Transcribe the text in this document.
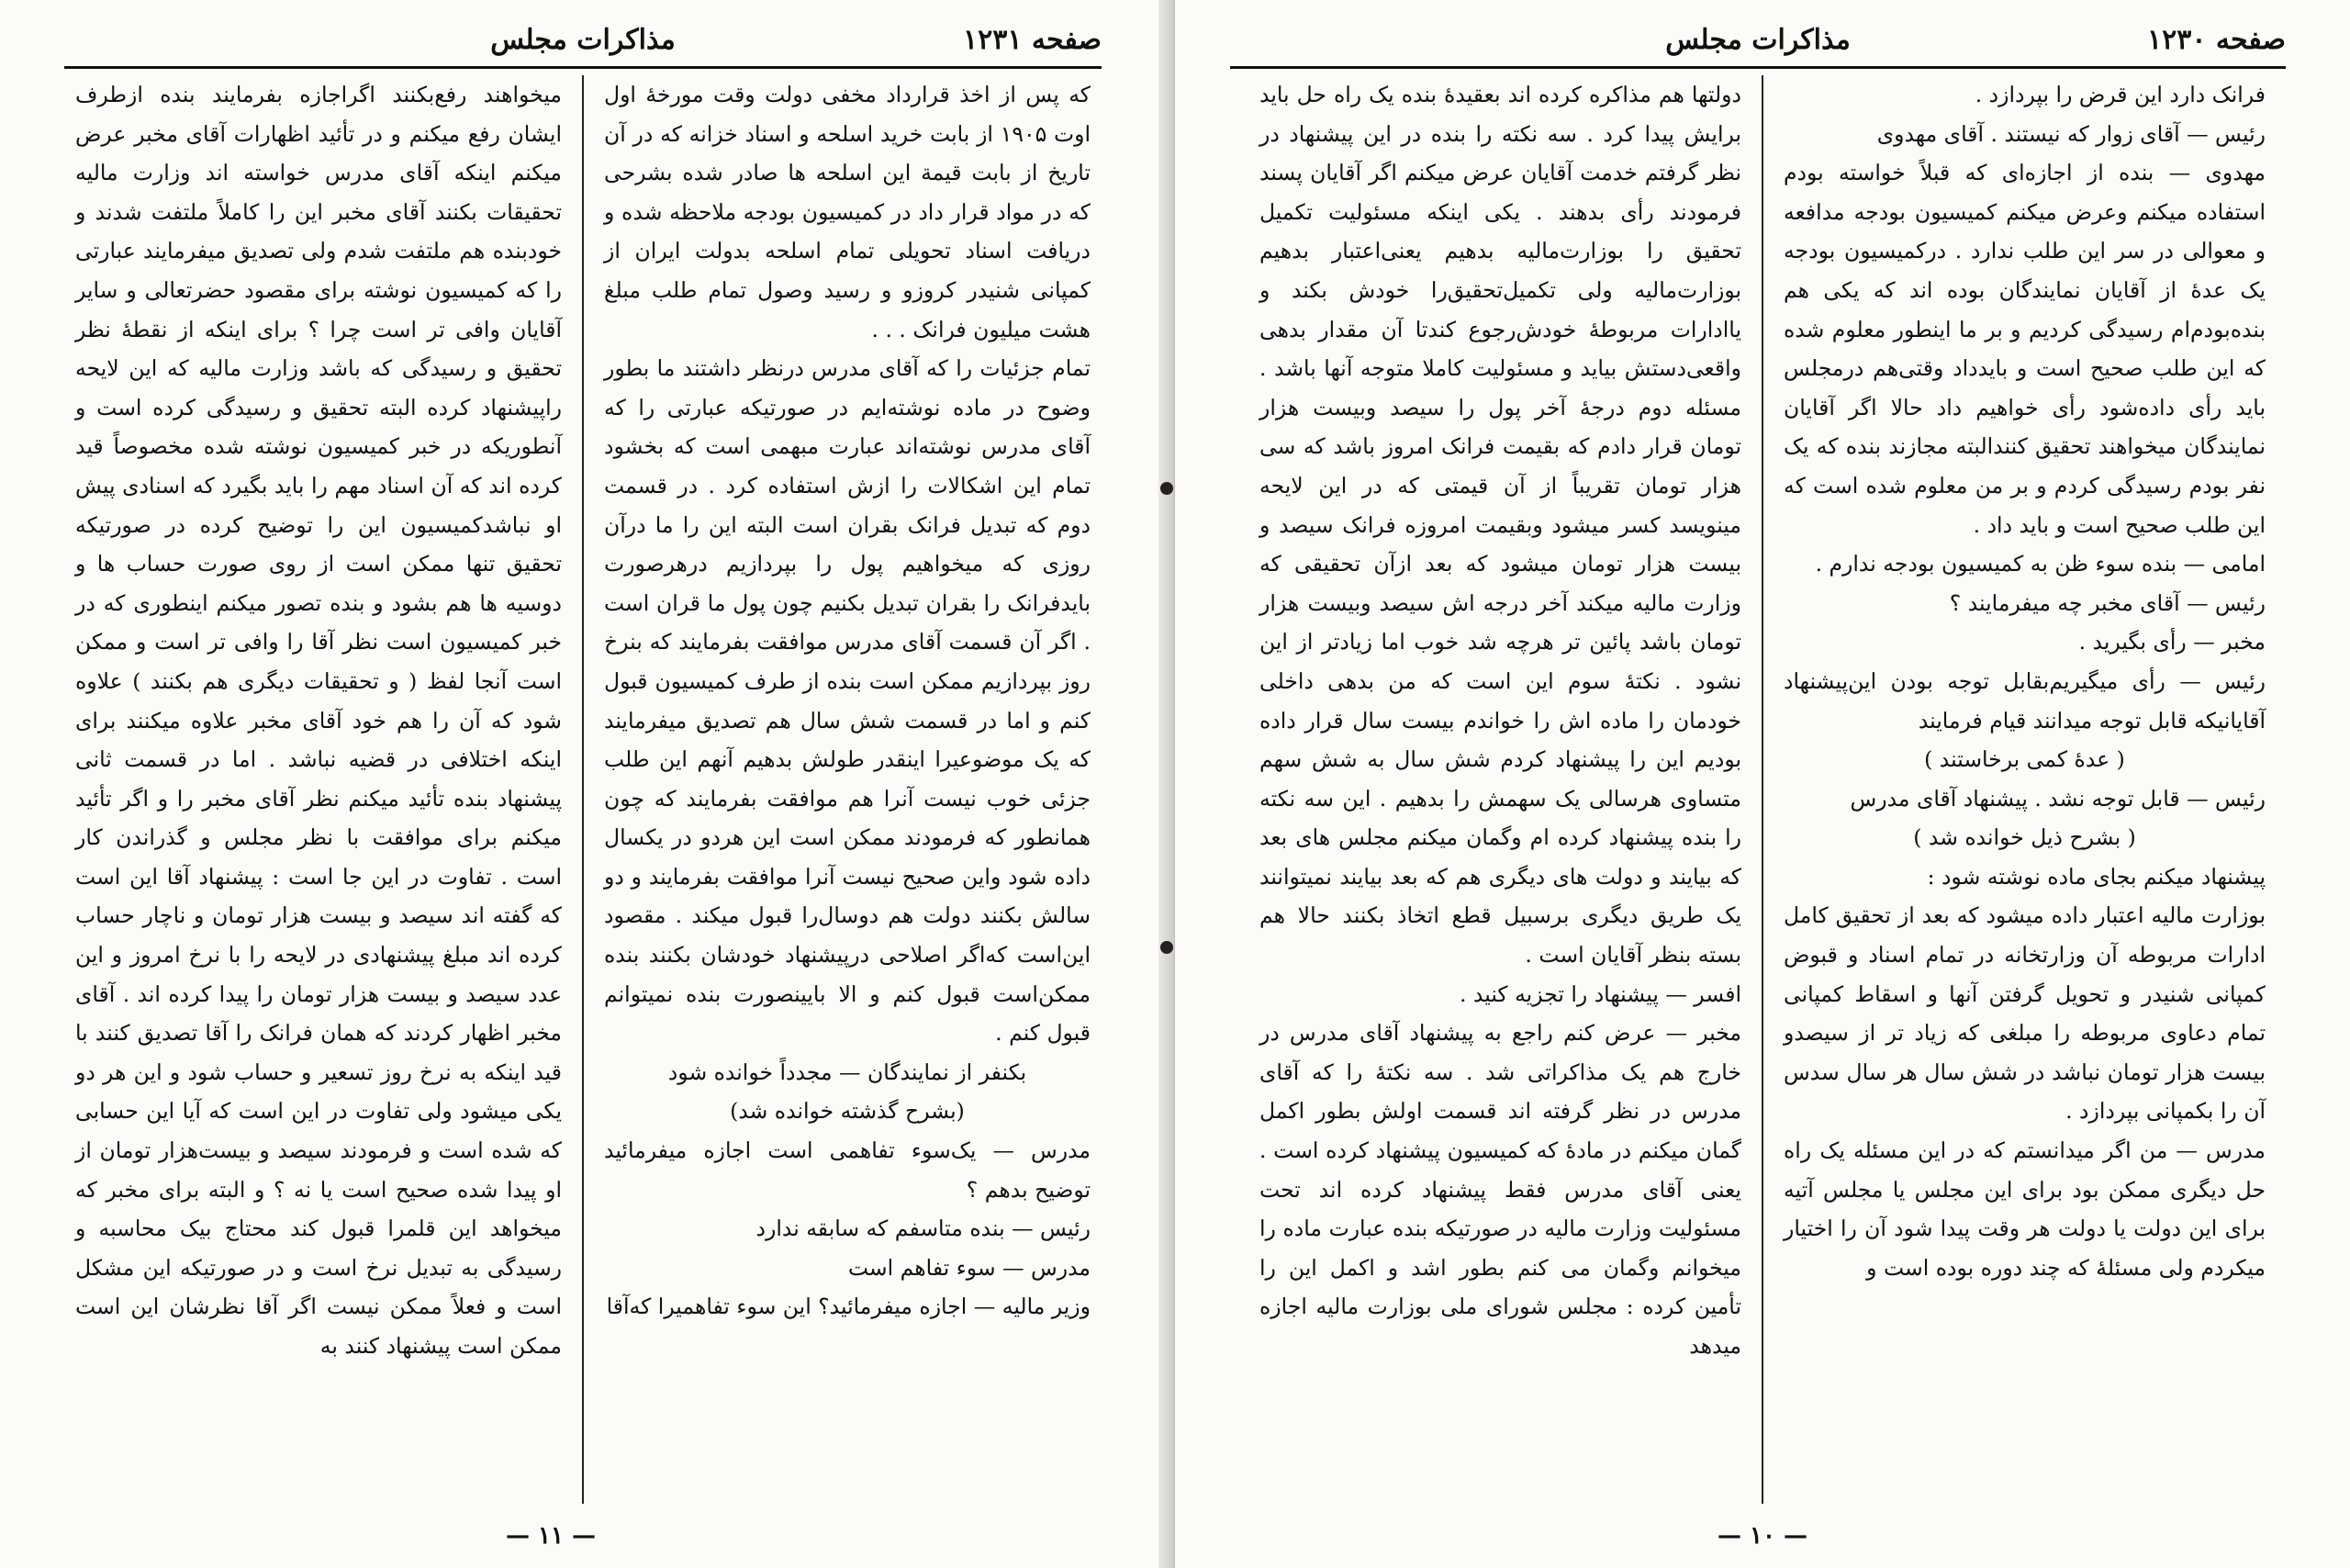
صفحه ۱۲۳۱
مذاکرات مجلس

که پس از اخذ قرارداد مخفی دولت وقت مورخهٔ اول اوت ۱۹۰۵ از بابت خرید اسلحه و اسناد خزانه که در آن تاریخ از بابت قیمة این اسلحه ها صادر شده بشرحی که در مواد قرار داد در کمیسیون بودجه ملاحظه شده و دریافت اسناد تحویلی تمام اسلحه بدولت ایران از کمپانی شنیدر کروزو و رسید وصول تمام طلب مبلغ هشت میلیون فرانک . . .

تمام جزئیات را که آقای مدرس درنظر داشتند ما بطور وضوح در ماده نوشته‌ایم در صورتیکه عبارتی را که آقای مدرس نوشته‌اند عبارت مبهمی است که بخشود تمام این اشکالات را ازش استفاده کرد . در قسمت دوم که تبدیل فرانک بقران است البته این را ما درآن روزی که میخواهیم پول را بپردازیم درهرصورت بایدفرانک را بقران تبدیل بکنیم چون پول ما قران است . اگر آن قسمت آقای مدرس موافقت بفرمایند که بنرخ روز بپردازیم ممکن است بنده از طرف کمیسیون قبول کنم و اما در قسمت شش سال هم تصدیق میفرمایند که یک موضوعیرا اینقدر طولش بدهیم آنهم این طلب جزئی خوب نیست آنرا هم موافقت بفرمایند که چون همانطور که فرمودند ممکن است این هردو در یکسال داده شود واین صحیح نیست آنرا موافقت بفرمایند و دو سالش بکنند دولت هم دوسال‌را قبول میکند . مقصود این‌است که‌اگر اصلاحی درپیشنهاد خودشان بکنند بنده ممکن‌است قبول کنم و الا بایینصورت بنده نمیتوانم قبول کنم .

بکنفر از نمایندگان — مجدداً خوانده شود

(بشرح گذشته خوانده شد)

مدرس — یک‌سوء تفاهمی است اجازه میفرمائید توضیح بدهم ؟

رئیس — بنده متاسفم که سابقه ندارد

مدرس — سوء تفاهم است

وزیر مالیه — اجازه میفرمائید؟ این سوء تفاهمیرا که‌آقا

میخواهند رفع‌بکنند اگراجازه بفرمایند بنده ازطرف ایشان رفع میکنم و در تأئید اظهارات آقای مخبر عرض میکنم اینکه آقای مدرس خواسته اند وزارت مالیه تحقیقات بکنند آقای مخبر این را کاملاً ملتفت شدند و خودبنده هم ملتفت شدم ولی تصدیق میفرمایند عبارتی را که کمیسیون نوشته برای مقصود حضرتعالی و سایر آقایان وافی تر است چرا ؟ برای اینکه از نقطهٔ نظر تحقیق و رسیدگی که باشد وزارت مالیه که این لایحه راپیشنهاد کرده البته تحقیق و رسیدگی کرده است و آنطوریکه در خبر کمیسیون نوشته شده مخصوصاً قید کرده اند که آن اسناد مهم را باید بگیرد که اسنادی پیش او نباشدکمیسیون این را توضیح کرده در صورتیکه تحقیق تنها ممکن است از روی صورت حساب ها و دوسیه ها هم بشود و بنده تصور میکنم اینطوری که در خبر کمیسیون است نظر آقا را وافی تر است و ممکن است آنجا لفظ ( و تحقیقات دیگری هم بکنند ) علاوه شود که آن را هم خود آقای مخبر علاوه میکنند برای اینکه اختلافی در قضیه نباشد . اما در قسمت ثانی پیشنهاد بنده تأئید میکنم نظر آقای مخبر را و اگر تأئید میکنم برای موافقت با نظر مجلس و گذراندن کار است . تفاوت در این جا است : پیشنهاد آقا این است که گفته اند سیصد و بیست هزار تومان و ناچار حساب کرده اند مبلغ پیشنهادی در لایحه را با نرخ امروز و این عدد سیصد و بیست هزار تومان را پیدا کرده اند . آقای مخبر اظهار کردند که همان فرانک را آقا تصدیق کنند با قید اینکه به نرخ روز تسعیر و حساب شود و این هر دو یکی میشود ولی تفاوت در این است که آیا این حسابی که شده است و فرمودند سیصد و بیست‌هزار تومان از او پیدا شده صحیح است یا نه ؟ و البته برای مخبر که میخواهد این قلمرا قبول کند محتاج بیک محاسبه و رسیدگی به تبدیل نرخ است و در صورتیکه این مشکل است و فعلاً ممکن نیست اگر آقا نظرشان این است ممکن است پیشنهاد کنند به

— ۱۱ —
صفحه ۱۲۳۰
مذاکرات مجلس

فرانک دارد این قرض را بپردازد .

رئیس — آقای زوار که نیستند . آقای مهدوی

مهدوی — بنده از اجازه‌ای که قبلاً خواسته بودم استفاده میکنم وعرض میکنم کمیسیون بودجه مدافعه و معوالی در سر این طلب ندارد . درکمیسیون بودجه یک عدهٔ از آقایان نمایندگان بوده اند که یکی هم بنده‌بودم‌ام رسیدگی کردیم و بر ما اینطور معلوم شده که این طلب صحیح است و بایدداد وقتی‌هم درمجلس باید رأی داده‌شود رأی خواهیم داد حالا اگر آقایان نمایندگان میخواهند تحقیق کنندالبته مجازند بنده که یک نفر بودم رسیدگی کردم و بر من معلوم شده است که این طلب صحیح است و باید داد .

امامی — بنده سوء ظن به کمیسیون بودجه ندارم .

رئیس — آقای مخبر چه میفرمایند ؟

مخبر — رأی بگیرید .

رئیس — رأی میگیریم‌بقابل توجه بودن این‌پیشنهاد آقایانیکه قابل توجه میدانند قیام فرمایند

( عدهٔ کمی برخاستند )

رئیس — قابل توجه نشد . پیشنهاد آقای مدرس

( بشرح ذیل خوانده شد )

پیشنهاد میکنم بجای ماده نوشته شود :

بوزارت مالیه اعتبار داده میشود که بعد از تحقیق کامل ادارات مربوطه آن وزارتخانه در تمام اسناد و قبوض کمپانی شنیدر و تحویل گرفتن آنها و اسقاط کمپانی تمام دعاوی مربوطه را مبلغی که زیاد تر از سیصدو بیست هزار تومان نباشد در شش سال هر سال سدس آن را بکمپانی بپردازد .

مدرس — من اگر میدانستم که در این مسئله یک راه حل دیگری ممکن بود برای این مجلس یا مجلس آتیه برای این دولت یا دولت هر وقت پیدا شود آن را اختیار میکردم ولی مسئلهٔ که چند دوره بوده است و

دولتها هم مذاکره کرده اند بعقیدهٔ بنده یک راه حل باید برایش پیدا کرد . سه نکته را بنده در این پیشنهاد در نظر گرفتم خدمت آقایان عرض میکنم اگر آقایان پسند فرمودند رأی بدهند . یکی اینکه مسئولیت تکمیل تحقیق را بوزارت‌مالیه بدهیم یعنی‌اعتبار بدهیم بوزارت‌مالیه ولی تکمیل‌تحقیق‌را خودش بکند و یاادارات مربوطهٔ خودش‌رجوع کندتا آن مقدار بدهی واقعی‌دستش بیاید و مسئولیت کاملا متوجه آنها باشد . مسئله دوم درجهٔ آخر پول را سیصد وبیست هزار تومان قرار دادم که بقیمت فرانک امروز باشد که سی هزار تومان تقریباً از آن قیمتی که در این لایحه مینویسد کسر میشود وبقیمت امروزه فرانک سیصد و بیست هزار تومان میشود که بعد ازآن تحقیقی که وزارت مالیه میکند آخر درجه اش سیصد وبیست هزار تومان باشد پائین تر هرچه شد خوب اما زیادتر از این نشود . نکتهٔ سوم این است که من بدهی داخلی خودمان را ماده اش را خواندم بیست سال قرار داده بودیم این را پیشنهاد کردم شش سال به شش سهم متساوی هرسالی یک سهمش را بدهیم . این سه نکته را بنده پیشنهاد کرده ام وگمان میکنم مجلس های بعد که بیایند و دولت های دیگری هم که بعد بیایند نمیتوانند یک طریق دیگری برسبیل قطع اتخاذ بکنند حالا هم بسته بنظر آقایان است .

افسر — پیشنهاد را تجزیه کنید .

مخبر — عرض کنم راجع به پیشنهاد آقای مدرس در خارج هم یک مذاکراتی شد . سه نکتهٔ را که آقای مدرس در نظر گرفته اند قسمت اولش بطور اکمل گمان میکنم در مادهٔ که کمیسیون پیشنهاد کرده است . یعنی آقای مدرس فقط پیشنهاد کرده اند تحت مسئولیت وزارت مالیه در صورتیکه بنده عبارت ماده را میخوانم وگمان می کنم بطور اشد و اکمل این را تأمین کرده : مجلس شورای ملی بوزارت مالیه اجازه میدهد

— ۱۰ —
